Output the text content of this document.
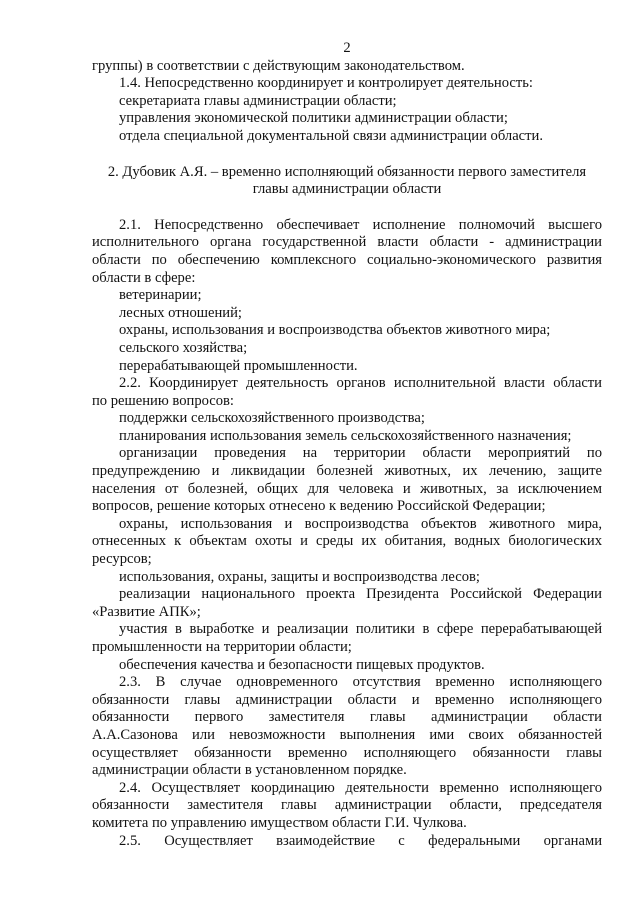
2
группы) в соответствии с действующим законодательством.
1.4. Непосредственно координирует и контролирует деятельность:
секретариата главы администрации области;
управления экономической политики администрации области;
отдела специальной документальной связи администрации области.
2. Дубовик А.Я. – временно исполняющий обязанности первого заместителя
главы администрации области
2.1. Непосредственно обеспечивает исполнение полномочий высшего
исполнительного органа государственной власти области - администрации
области по обеспечению комплексного социально-экономического развития
области в сфере:
ветеринарии;
лесных отношений;
охраны, использования и воспроизводства объектов животного мира;
сельского хозяйства;
перерабатывающей промышленности.
2.2. Координирует деятельность органов исполнительной власти области
по решению вопросов:
поддержки сельскохозяйственного производства;
планирования использования земель сельскохозяйственного назначения;
организации проведения на территории области мероприятий по
предупреждению и ликвидации болезней животных, их лечению, защите
населения от болезней, общих для человека и животных, за исключением
вопросов, решение которых отнесено к ведению Российской Федерации;
охраны, использования и воспроизводства объектов животного мира,
отнесенных к объектам охоты и среды их обитания, водных биологических
ресурсов;
использования, охраны, защиты и воспроизводства лесов;
реализации национального проекта Президента Российской Федерации
«Развитие АПК»;
участия в выработке и реализации политики в сфере перерабатывающей
промышленности на территории области;
обеспечения качества и безопасности пищевых продуктов.
2.3. В случае одновременного отсутствия временно исполняющего
обязанности главы администрации области и временно исполняющего
обязанности первого заместителя главы администрации области
А.А.Сазонова или невозможности выполнения ими своих обязанностей
осуществляет обязанности временно исполняющего обязанности главы
администрации области в установленном порядке.
2.4. Осуществляет координацию деятельности временно исполняющего
обязанности заместителя главы администрации области, председателя
комитета по управлению имуществом области Г.И. Чулкова.
2.5. Осуществляет взаимодействие с федеральными органами
